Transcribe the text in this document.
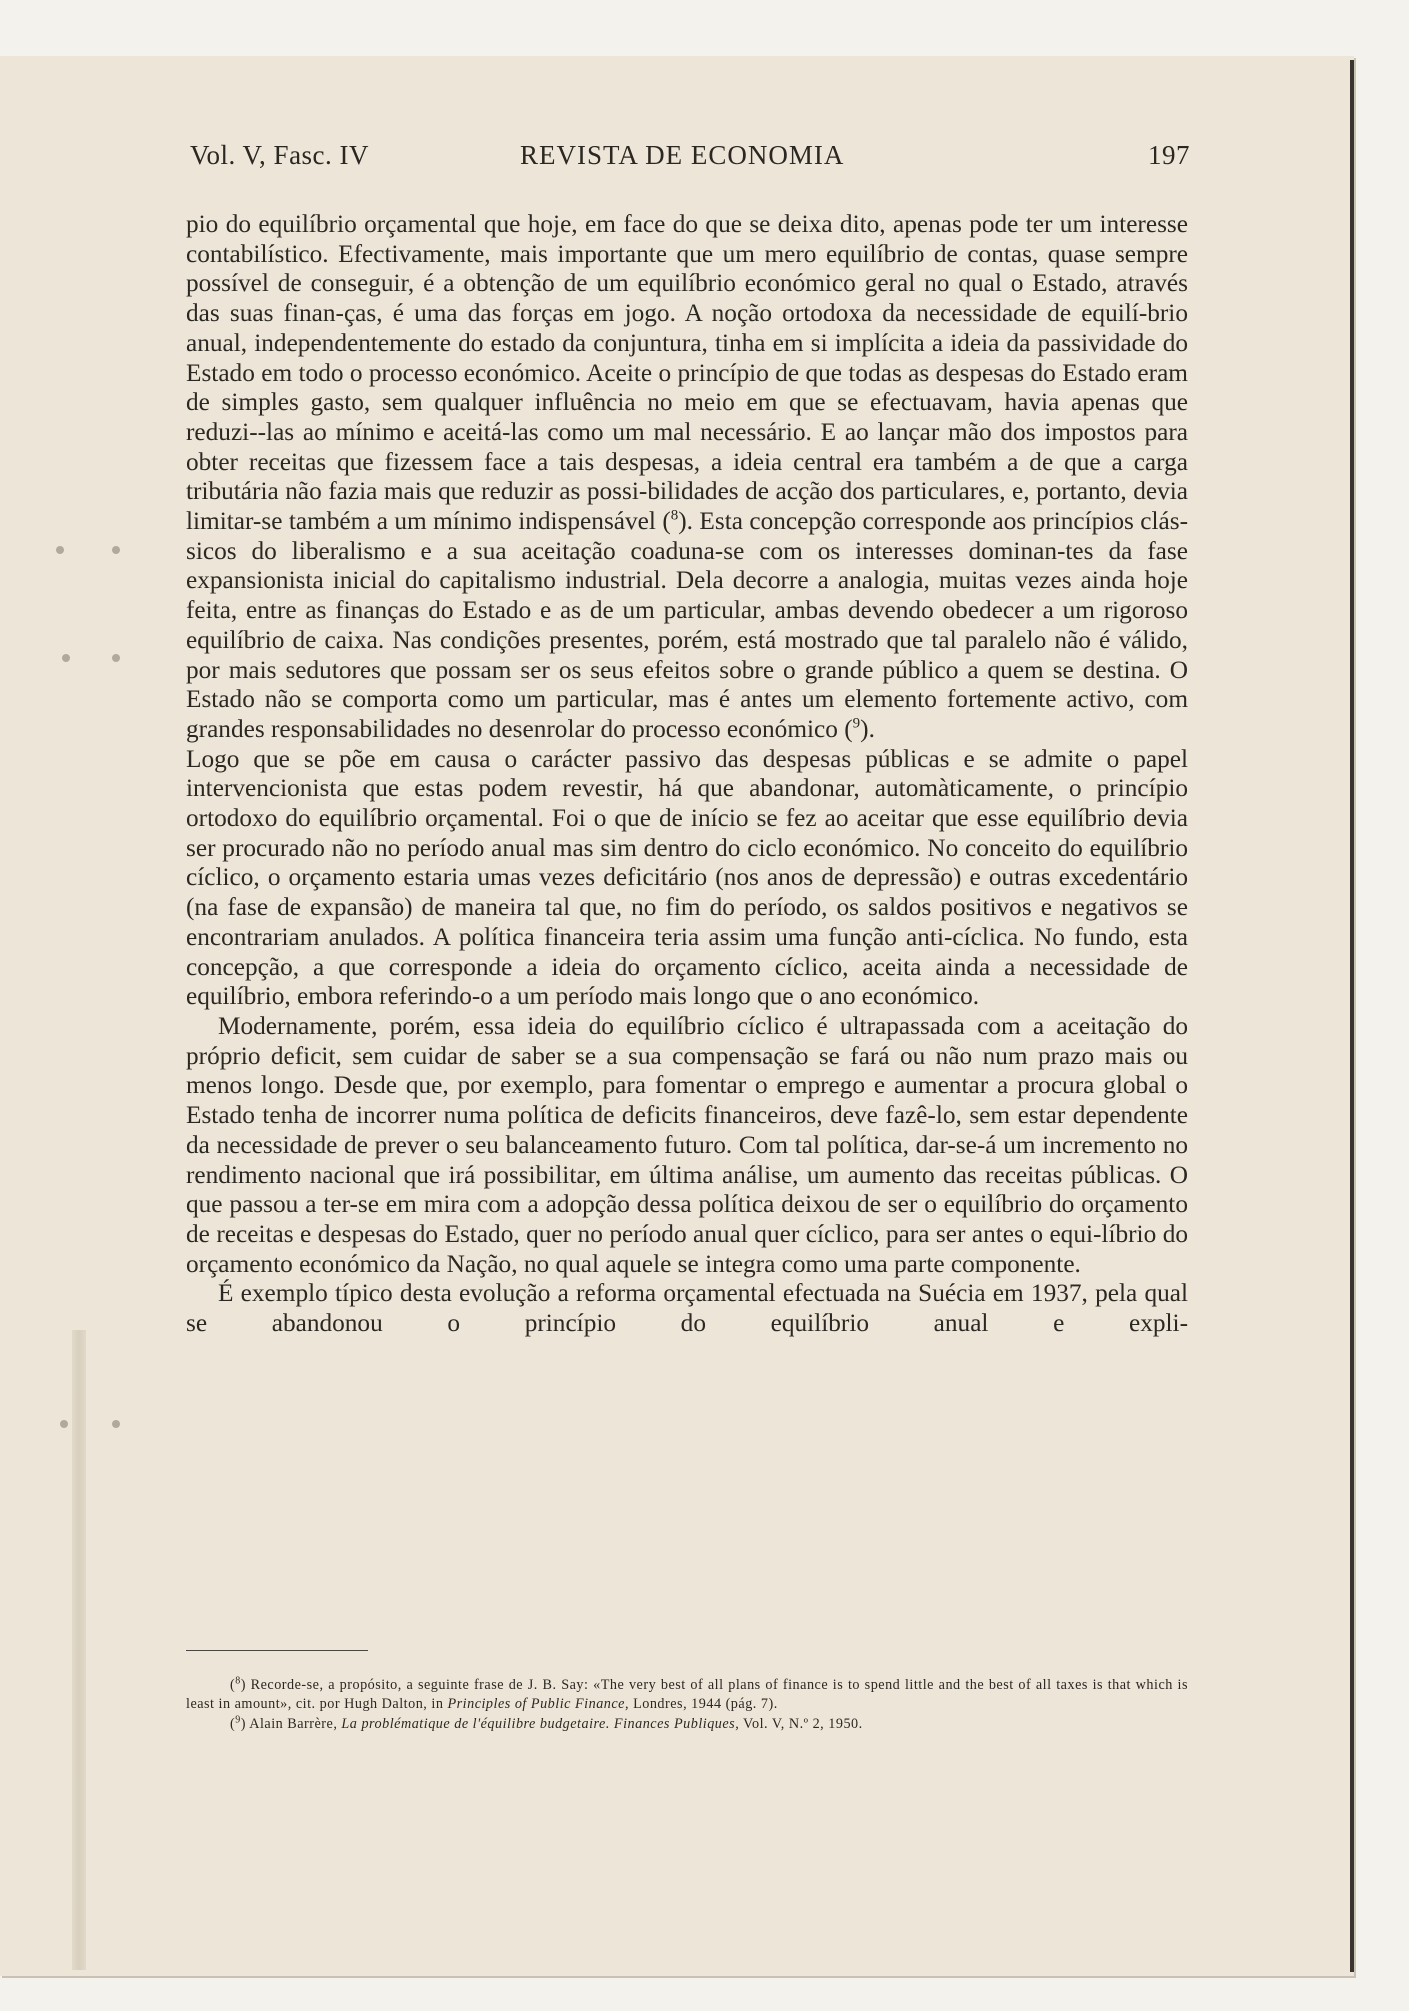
Vol. V, Fasc. IV	REVISTA DE ECONOMIA	197

pio do equilíbrio orçamental que hoje, em face do que se deixa dito, apenas pode ter um interesse contabilístico. Efectivamente, mais importante que um mero equilíbrio de contas, quase sempre possível de conseguir, é a obtenção de um equilíbrio económico geral no qual o Estado, através das suas finan-ças, é uma das forças em jogo. A noção ortodoxa da necessidade de equilí-brio anual, independentemente do estado da conjuntura, tinha em si implícita a ideia da passividade do Estado em todo o processo económico. Aceite o princípio de que todas as despesas do Estado eram de simples gasto, sem qualquer influência no meio em que se efectuavam, havia apenas que reduzi--las ao mínimo e aceitá-las como um mal necessário. E ao lançar mão dos impostos para obter receitas que fizessem face a tais despesas, a ideia central era também a de que a carga tributária não fazia mais que reduzir as possi-bilidades de acção dos particulares, e, portanto, devia limitar-se também a um mínimo indispensável ($^8$). Esta concepção corresponde aos princípios clás-sicos do liberalismo e a sua aceitação coaduna-se com os interesses dominan-tes da fase expansionista inicial do capitalismo industrial. Dela decorre a analogia, muitas vezes ainda hoje feita, entre as finanças do Estado e as de um particular, ambas devendo obedecer a um rigoroso equilíbrio de caixa. Nas condições presentes, porém, está mostrado que tal paralelo não é válido, por mais sedutores que possam ser os seus efeitos sobre o grande público a quem se destina. O Estado não se comporta como um particular, mas é antes um elemento fortemente activo, com grandes responsabilidades no desenrolar do processo económico ($^9$).

Logo que se põe em causa o carácter passivo das despesas públicas e se admite o papel intervencionista que estas podem revestir, há que abandonar, automàticamente, o princípio ortodoxo do equilíbrio orçamental. Foi o que de início se fez ao aceitar que esse equilíbrio devia ser procurado não no período anual mas sim dentro do ciclo económico. No conceito do equilíbrio cíclico, o orçamento estaria umas vezes deficitário (nos anos de depressão) e outras excedentário (na fase de expansão) de maneira tal que, no fim do período, os saldos positivos e negativos se encontrariam anulados. A política financeira teria assim uma função anti-cíclica. No fundo, esta concepção, a que corresponde a ideia do orçamento cíclico, aceita ainda a necessidade de equilíbrio, embora referindo-o a um período mais longo que o ano económico.

Modernamente, porém, essa ideia do equilíbrio cíclico é ultrapassada com a aceitação do próprio deficit, sem cuidar de saber se a sua compensação se fará ou não num prazo mais ou menos longo. Desde que, por exemplo, para fomentar o emprego e aumentar a procura global o Estado tenha de incorrer numa política de deficits financeiros, deve fazê-lo, sem estar dependente da necessidade de prever o seu balanceamento futuro. Com tal política, dar-se-á um incremento no rendimento nacional que irá possibilitar, em última análise, um aumento das receitas públicas. O que passou a ter-se em mira com a adopção dessa política deixou de ser o equilíbrio do orçamento de receitas e despesas do Estado, quer no período anual quer cíclico, para ser antes o equi-líbrio do orçamento económico da Nação, no qual aquele se integra como uma parte componente.

É exemplo típico desta evolução a reforma orçamental efectuada na Suécia em 1937, pela qual se abandonou o princípio do equilíbrio anual e expli-

($^8$) Recorde-se, a propósito, a seguinte frase de J. B. Say: «The very best of all plans of finance is to spend little and the best of all taxes is that which is least in amount», cit. por Hugh Dalton, in Principles of Public Finance, Londres, 1944 (pág. 7).

($^9$) Alain Barrère, La problématique de l'équilibre budgetaire. Finances Publiques, Vol. V, N.º 2, 1950.
